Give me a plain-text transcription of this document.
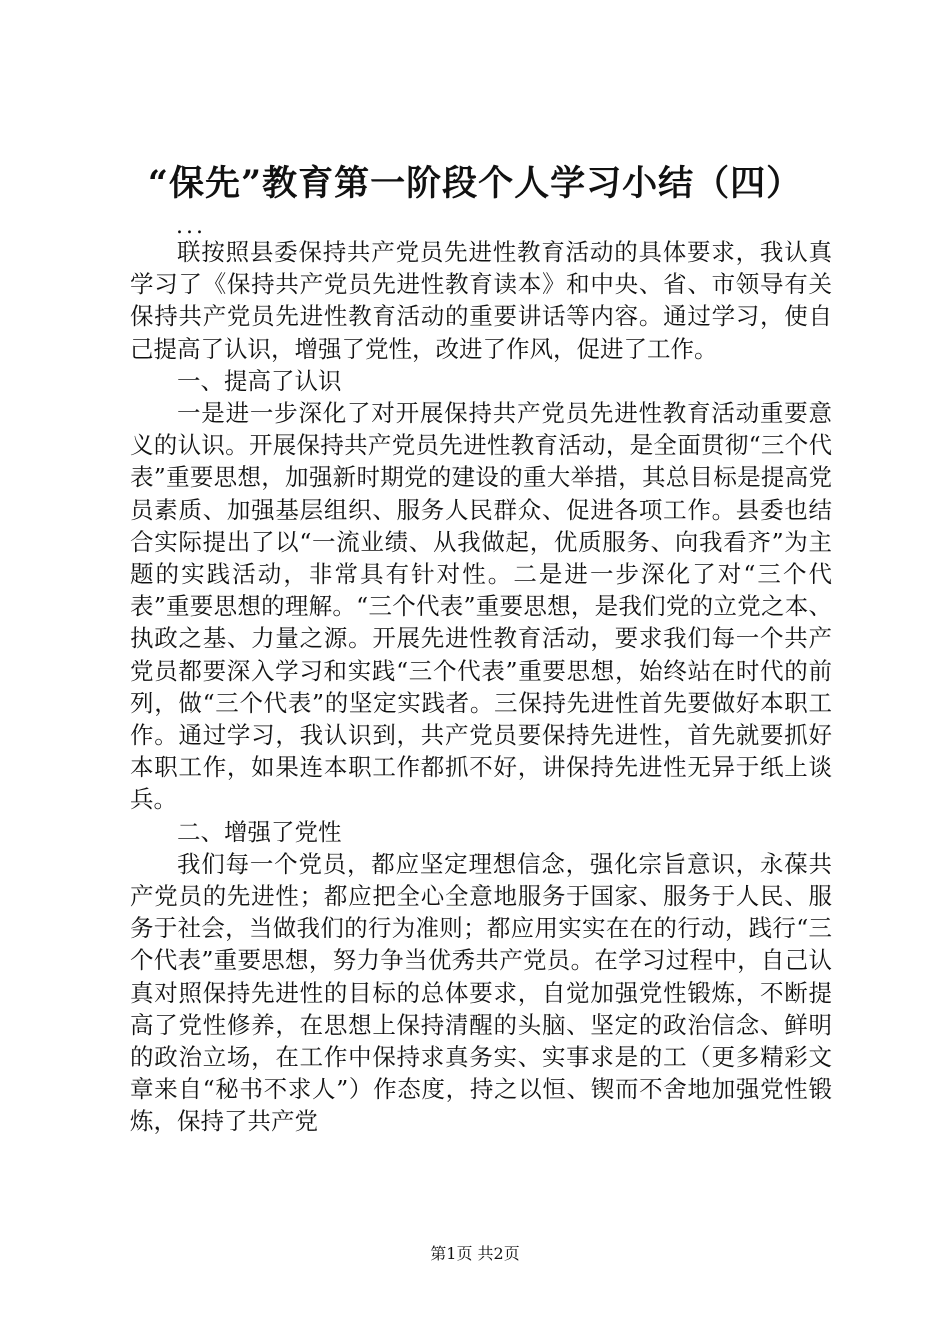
“保先”教育第一阶段个人学习小结（四）
...

联按照县委保持共产党员先进性教育活动的具体要求，我认真学习了《保持共产党员先进性教育读本》和中央、省、市领导有关保持共产党员先进性教育活动的重要讲话等内容。通过学习，使自己提高了认识，增强了党性，改进了作风，促进了工作。

一、提高了认识

一是进一步深化了对开展保持共产党员先进性教育活动重要意义的认识。开展保持共产党员先进性教育活动，是全面贯彻“三个代表”重要思想，加强新时期党的建设的重大举措，其总目标是提高党员素质、加强基层组织、服务人民群众、促进各项工作。县委也结合实际提出了以“一流业绩、从我做起，优质服务、向我看齐”为主题的实践活动，非常具有针对性。二是进一步深化了对“三个代表”重要思想的理解。“三个代表”重要思想，是我们党的立党之本、执政之基、力量之源。开展先进性教育活动，要求我们每一个共产党员都要深入学习和实践“三个代表”重要思想，始终站在时代的前列，做“三个代表”的坚定实践者。三保持先进性首先要做好本职工作。通过学习，我认识到，共产党员要保持先进性，首先就要抓好本职工作，如果连本职工作都抓不好，讲保持先进性无异于纸上谈兵。

二、增强了党性

我们每一个党员，都应坚定理想信念，强化宗旨意识，永葆共产党员的先进性；都应把全心全意地服务于国家、服务于人民、服务于社会，当做我们的行为准则；都应用实实在在的行动，践行“三个代表”重要思想，努力争当优秀共产党员。在学习过程中，自己认真对照保持先进性的目标的总体要求，自觉加强党性锻炼，不断提高了党性修养，在思想上保持清醒的头脑、坚定的政治信念、鲜明的政治立场，在工作中保持求真务实、实事求是的工（更多精彩文章来自“秘书不求人”）作态度，持之以恒、锲而不舍地加强党性锻炼，保持了共产党

第1页 共2页
